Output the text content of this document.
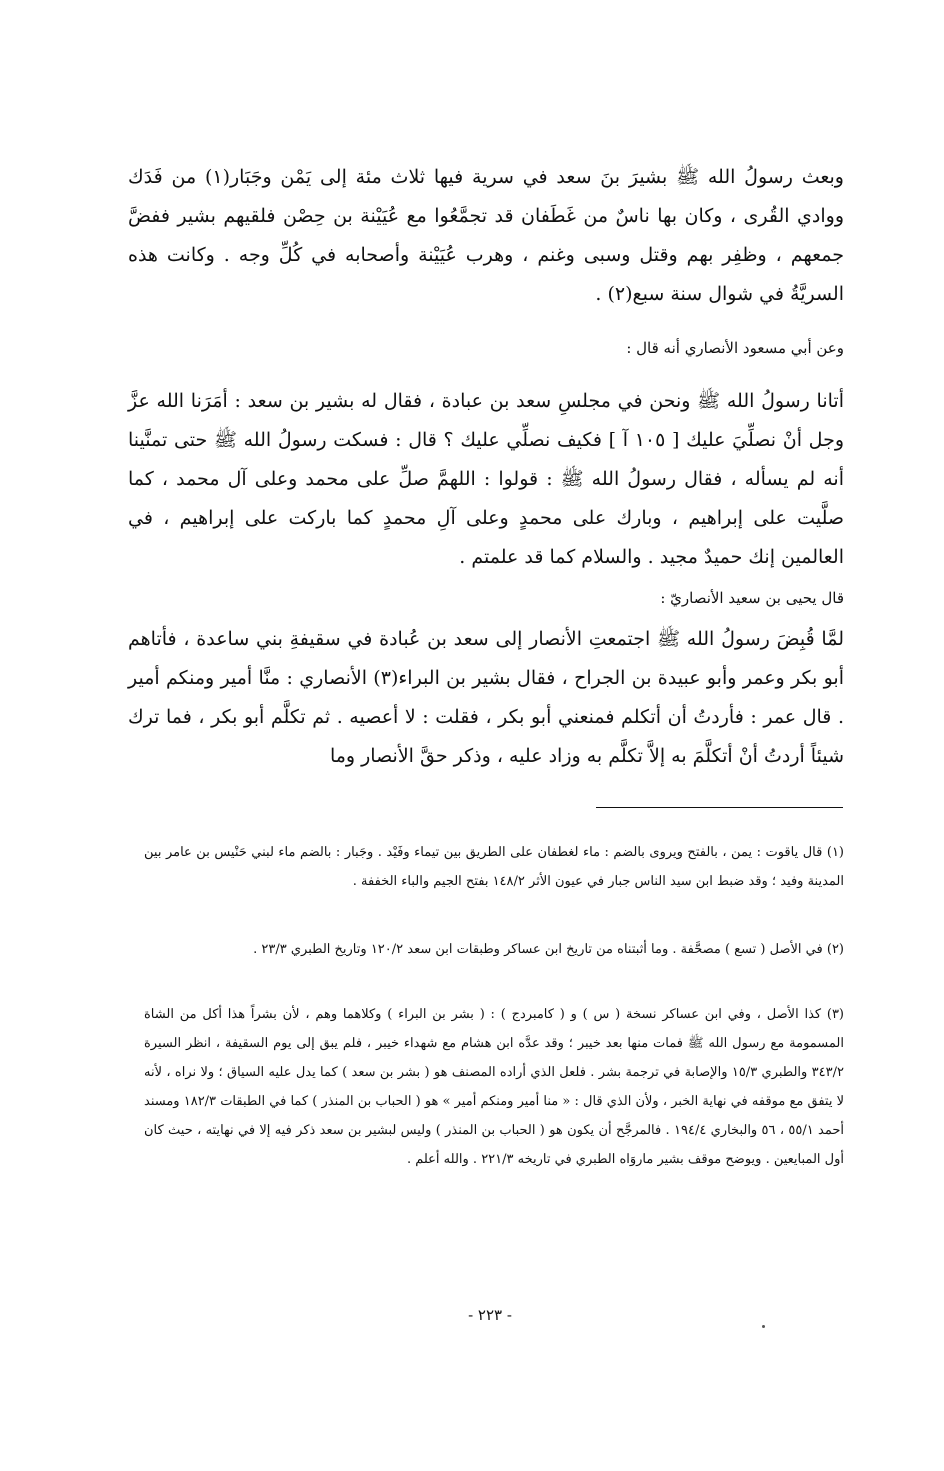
وبعث رسولُ الله ﷺ بشيرَ بنَ سعد في سرية فيها ثلاث مئة إلى يَمْن وجَبَار(١) من فَدَك ووادي القُرى ، وكان بها ناسٌ من غَطَفان قد تجمَّعُوا مع عُيَيْنة بن حِصْن فلقيهم بشير ففضَّ جمعهم ، وظفِر بهم وقتل وسبى وغنم ، وهرب عُيَيْنة وأصحابه في كُلِّ وجه . وكانت هذه السريَّةُ في شوال سنة سبع(٢) .
وعن أبي مسعود الأنصاري أنه قال :
أتانا رسولُ الله ﷺ ونحن في مجلسِ سعد بن عبادة ، فقال له بشير بن سعد : أمَرَنا الله عزَّ وجل أنْ نصلِّيَ عليك [ ١٠٥ آ ] فكيف نصلِّي عليك ؟ قال : فسكت رسولُ الله ﷺ حتى تمنَّينا أنه لم يسأله ، فقال رسولُ الله ﷺ : قولوا : اللهمَّ صلِّ على محمد وعلى آل محمد ، كما صلَّيت على إبراهيم ، وبارك على محمدٍ وعلى آلِ محمدٍ كما باركت على إبراهيم ، في العالمين إنك حميدٌ مجيد . والسلام كما قد علمتم .
قال يحيى بن سعيد الأنصاريّ :
لمَّا قُبِضَ رسولُ الله ﷺ اجتمعتِ الأنصار إلى سعد بن عُبادة في سقيفةِ بني ساعدة ، فأتاهم أبو بكر وعمر وأبو عبيدة بن الجراح ، فقال بشير بن البراء(٣) الأنصاري : منَّا أمير ومنكم أمير . قال عمر : فأردتُ أن أتكلم فمنعني أبو بكر ، فقلت : لا أعصيه . ثم تكلَّم أبو بكر ، فما ترك شيئاً أردتُ أنْ أتكلَّمَ به إلاَّ تكلَّم به وزاد عليه ، وذكر حقَّ الأنصار وما
(١) قال ياقوت : يمن ، بالفتح ويروى بالضم : ماء لغطفان على الطريق بين تيماء وفَيْد . وجَبار : بالضم ماء لبني حَنْيس بن عامر بين المدينة وفيد ؛ وقد ضبط ابن سيد الناس جبار في عيون الأثر ١٤٨/٢ بفتح الجيم والباء الخففة .
(٢) في الأصل ( تسع ) مصحَّفة . وما أثبتناه من تاريخ ابن عساكر وطبقات ابن سعد ١٢٠/٢ وتاريخ الطبري ٢٣/٣ .
(٣) كذا الأصل ، وفي ابن عساكر نسخة ( س ) و ( كامبردج ) : ( بشر بن البراء ) وكلاهما وهم ، لأن بشراً هذا أكل من الشاة المسمومة مع رسول الله ﷺ فمات منها بعد خيبر ؛ وقد عدَّه ابن هشام مع شهداء خيبر ، فلم يبق إلى يوم السقيفة ، انظر السيرة ٣٤٣/٢ والطبري ١٥/٣ والإصابة في ترجمة بشر . فلعل الذي أراده المصنف هو ( بشر بن سعد ) كما يدل عليه السياق ؛ ولا نراه ، لأنه لا يتفق مع موقفه في نهاية الخبر ، ولأن الذي قال : « منا أمير ومنكم أمير » هو ( الحباب بن المنذر ) كما في الطبقات ١٨٢/٣ ومسند أحمد ٥٥/١ ، ٥٦ والبخاري ١٩٤/٤ . فالمرجَّح أن يكون هو ( الحباب بن المنذر ) وليس لبشير بن سعد ذكر فيه إلا في نهايته ، حيث كان أول المبايعين . ويوضح موقف بشير ماروَاه الطبري في تاريخه ٢٢١/٣ . والله أعلم .
- ٢٢٣ -
